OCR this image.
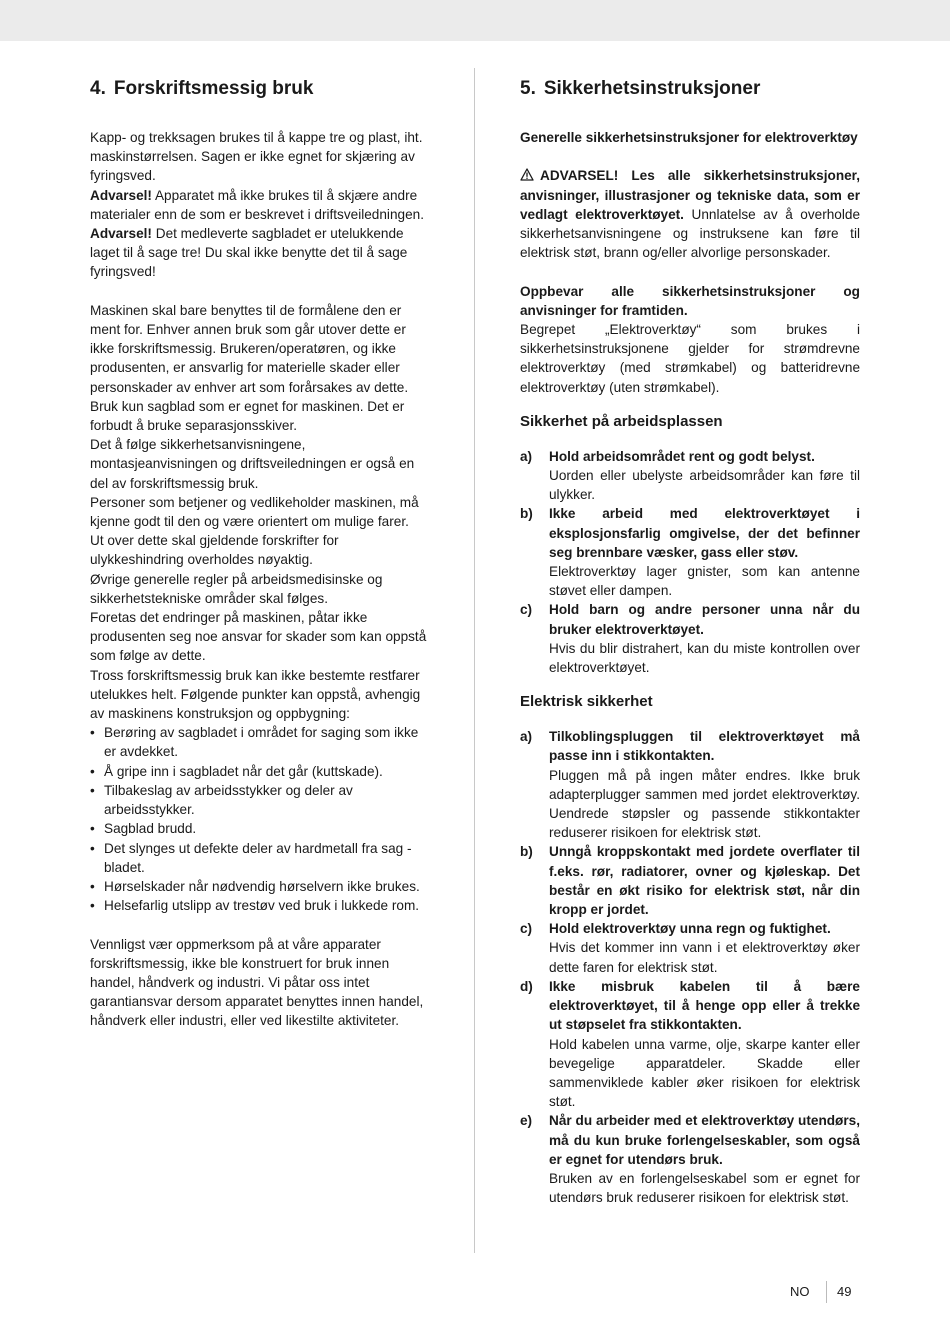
4. Forskriftsmessig bruk

Kapp- og trekksagen brukes til å kappe tre og plast, iht. maskinstørrelsen. Sagen er ikke egnet for skjæring av fyringsved.

Advarsel! Apparatet må ikke brukes til å skjære andre materialer enn de som er beskrevet i driftsveiledningen.

Advarsel! Det medleverte sagbladet er utelukkende laget til å sage tre! Du skal ikke benytte det til å sage fyringsved!

Maskinen skal bare benyttes til de formålene den er ment for. Enhver annen bruk som går utover dette er ikke forskriftsmessig. Brukeren/operatøren, og ikke produsenten, er ansvarlig for materielle skader eller personskader av enhver art som forårsakes av dette. Bruk kun sagblad som er egnet for maskinen. Det er forbudt å bruke separasjonsskiver.

Det å følge sikkerhetsanvisningene, montasjeanvisningen og driftsveiledningen er også en del av forskriftsmessig bruk.

Personer som betjener og vedlikeholder maskinen, må kjenne godt til den og være orientert om mulige farer.

Ut over dette skal gjeldende forskrifter for ulykkeshindring overholdes nøyaktig.

Øvrige generelle regler på arbeidsmedisinske og sikkerhetstekniske områder skal følges.

Foretas det endringer på maskinen, påtar ikke produsenten seg noe ansvar for skader som kan oppstå som følge av dette.

Tross forskriftsmessig bruk kan ikke bestemte restfarer utelukkes helt. Følgende punkter kan oppstå, avhengig av maskinens konstruksjon og oppbygning:

• Berøring av sagbladet i området for saging som ikke er avdekket.
• Å gripe inn i sagbladet når det går (kuttskade).
• Tilbakeslag av arbeidsstykker og deler av arbeidsstykker.
• Sagblad brudd.
• Det slynges ut defekte deler av hardmetall fra sag - bladet.
• Hørselskader når nødvendig hørselvern ikke brukes.
• Helsefarlig utslipp av trestøv ved bruk i lukkede rom.

Vennligst vær oppmerksom på at våre apparater forskriftsmessig, ikke ble konstruert for bruk innen handel, håndverk og industri. Vi påtar oss intet garantiansvar dersom apparatet benyttes innen handel, håndverk eller industri, eller ved likestilte aktiviteter.

5. Sikkerhetsinstruksjoner

Generelle sikkerhetsinstruksjoner for elektroverktøy

ADVARSEL! Les alle sikkerhetsinstruksjoner, anvisninger, illustrasjoner og tekniske data, som er vedlagt elektroverktøyet. Unnlatelse av å overholde sikkerhetsanvisningene og instruksene kan føre til elektrisk støt, brann og/eller alvorlige personskader.

Oppbevar alle sikkerhetsinstruksjoner og anvisninger for framtiden.

Begrepet „Elektroverktøy“ som brukes i sikkerhetsinstruksjonene gjelder for strømdrevne elektroverktøy (med strømkabel) og batteridrevne elektroverktøy (uten strømkabel).

Sikkerhet på arbeidsplassen
a)	Hold arbeidsområdet rent og godt belyst.
Uorden eller ubelyste arbeidsområder kan føre til ulykker.
b)	Ikke arbeid med elektroverktøyet i eksplosjonsfarlig omgivelse, der det befinner seg brennbare væsker, gass eller støv.
Elektroverktøy lager gnister, som kan antenne støvet eller dampen.
c)	Hold barn og andre personer unna når du bruker elektroverktøyet.
Hvis du blir distrahert, kan du miste kontrollen over elektroverktøyet.
Elektrisk sikkerhet
a)	Tilkoblingspluggen til elektroverktøyet må passe inn i stikkontakten.
Pluggen må på ingen måter endres. Ikke bruk adapterplugger sammen med jordet elektroverktøy. Uendrede støpsler og passende stikkontakter reduserer risikoen for elektrisk støt.
b)	Unngå kroppskontakt med jordete overflater til f.eks. rør, radiatorer, ovner og kjøleskap. Det består en økt risiko for elektrisk støt, når din kropp er jordet.
c)	Hold elektroverktøy unna regn og fuktighet.
Hvis det kommer inn vann i et elektroverktøy øker dette faren for elektrisk støt.
d)	Ikke misbruk kabelen til å bære elektroverktøyet, til å henge opp eller å trekke ut støpselet fra stikkontakten.
Hold kabelen unna varme, olje, skarpe kanter eller bevegelige apparatdeler. Skadde eller sammenviklede kabler øker risikoen for elektrisk støt.
e)	Når du arbeider med et elektroverktøy utendørs, må du kun bruke forlengelseskabler, som også er egnet for utendørs bruk.
Bruken av en forlengelseskabel som er egnet for utendørs bruk reduserer risikoen for elektrisk støt.
NO 49
